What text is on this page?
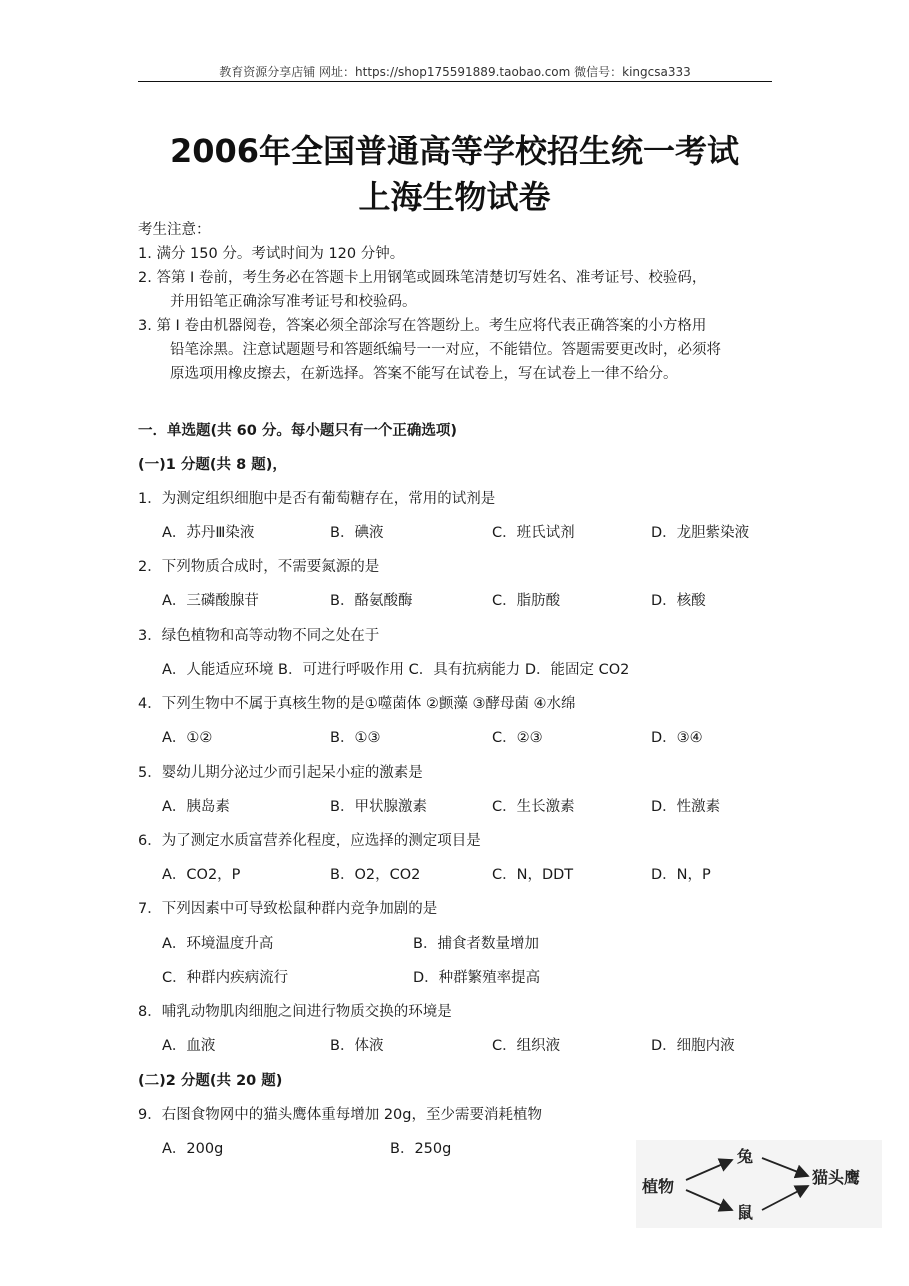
教育资源分享店铺 网址：https://shop175591889.taobao.com 微信号：kingcsa333
2006年全国普通高等学校招生统一考试
上海生物试卷
考生注意：
1. 满分 150 分。考试时间为 120 分钟。
2. 答第 Ⅰ 卷前，考生务必在答题卡上用钢笔或圆珠笔清楚切写姓名、准考证号、校验码，
并用铅笔正确涂写准考证号和校验码。
3. 第 Ⅰ 卷由机器阅卷，答案必须全部涂写在答题纷上。考生应将代表正确答案的小方格用
铅笔涂黑。注意试题题号和答题纸编号一一对应，不能错位。答题需要更改时，必须将
原选项用橡皮擦去，在新选择。答案不能写在试卷上，写在试卷上一律不给分。
一．单选题(共 60 分。每小题只有一个正确选项)
(一)1 分题(共 8 题)，
1．为测定组织细胞中是否有葡萄糖存在，常用的试剂是
A．苏丹Ⅲ染液	B．碘液	C．班氏试剂	D．龙胆紫染液
2．下列物质合成时，不需要氮源的是
A．三磷酸腺苷	B．酪氨酸酶	C．脂肪酸	D．核酸
3．绿色植物和高等动物不同之处在于
A．人能适应环境 B．可进行呼吸作用 C．具有抗病能力 D．能固定 CO2
4．下列生物中不属于真核生物的是①噬菌体 ②颤藻 ③酵母菌 ④水绵
A．①②	B．①③	C．②③	D．③④
5．婴幼儿期分泌过少而引起呆小症的激素是
A．胰岛素	B．甲状腺激素	C．生长激素	D．性激素
6．为了测定水质富营养化程度，应选择的测定项目是
A．CO2，P	B．O2，CO2	C．N，DDT	D．N，P
7．下列因素中可导致松鼠种群内竞争加剧的是
A．环境温度升高	B．捕食者数量增加
C．种群内疾病流行	D．种群繁殖率提高
8．哺乳动物肌肉细胞之间进行物质交换的环境是
A．血液	B．体液	C．组织液	D．细胞内液
(二)2 分题(共 20 题)
9．右图食物网中的猫头鹰体重每增加 20g，至少需要消耗植物
A．200g	B．250g
植物
兔
鼠
猫头鹰
